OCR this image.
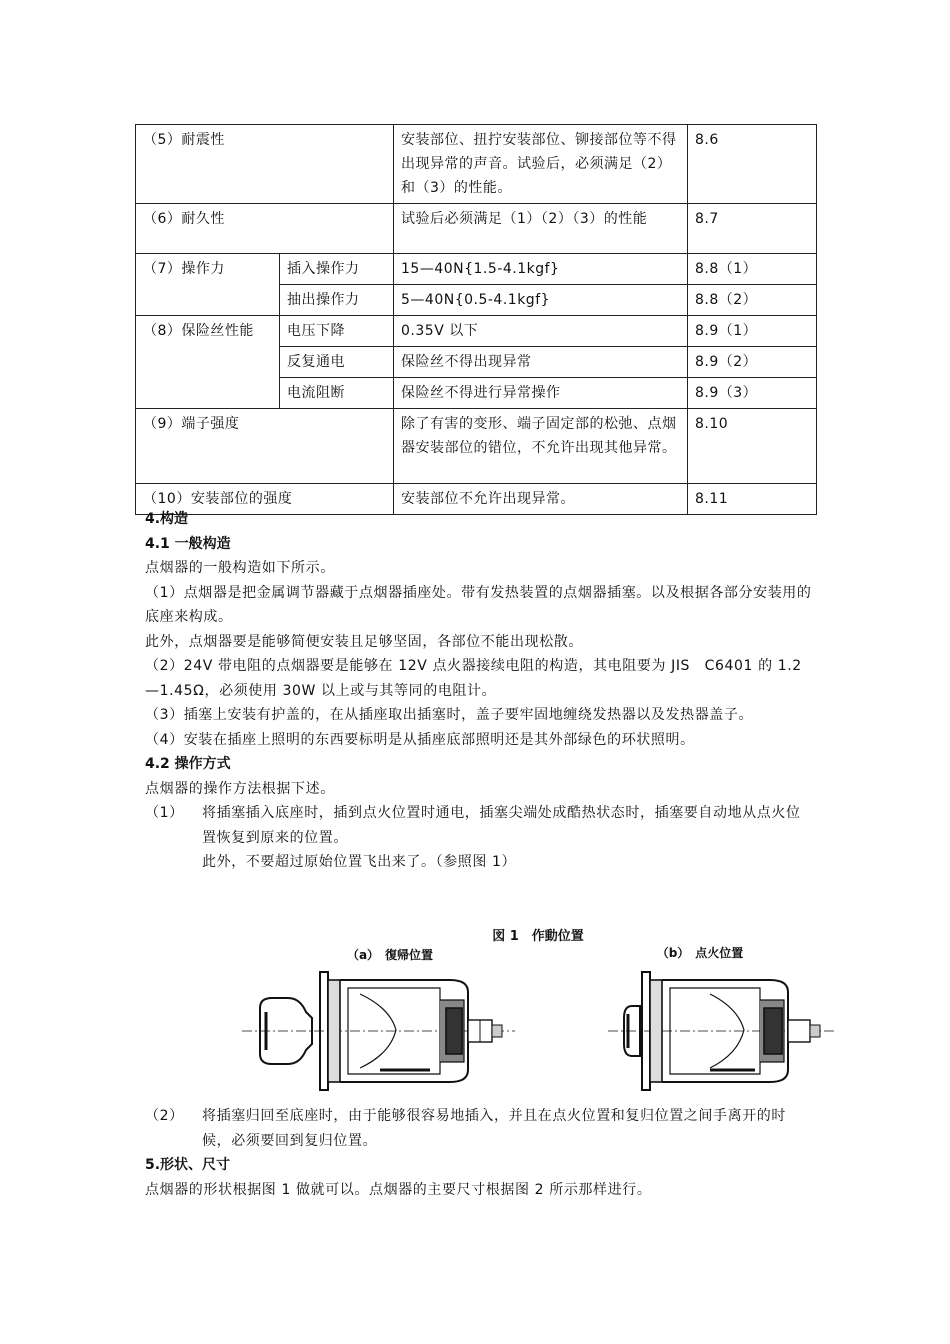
（5）耐震性		安装部位、扭拧安装部位、铆接部位等不得出现异常的声音。试验后，必须满足（2）和（3）的性能。	8.6
（6）耐久性		试验后必须满足（1）（2）（3）的性能	8.7
（7）操作力	插入操作力	15—40N{1.5-4.1kgf}	8.8（1）
	抽出操作力	5—40N{0.5-4.1kgf}	8.8（2）
（8）保险丝性能	电压下降	0.35V 以下	8.9（1）
	反复通电	保险丝不得出现异常	8.9（2）
	电流阻断	保险丝不得进行异常操作	8.9（3）
（9）端子强度		除了有害的变形、端子固定部的松弛、点烟器安装部位的错位，不允许出现其他异常。	8.10
（10）安装部位的强度		安装部位不允许出现异常。	8.11

4.构造

4.1 一般构造

点烟器的一般构造如下所示。

（1）点烟器是把金属调节器藏于点烟器插座处。带有发热装置的点烟器插塞。以及根据各部分安装用的底座来构成。

此外，点烟器要是能够简便安装且足够坚固，各部位不能出现松散。

（2）24V 带电阻的点烟器要是能够在 12V 点火器接续电阻的构造，其电阻要为 JIS　C6401 的 1.2—1.45Ω，必须使用 30W 以上或与其等同的电阻计。

（3）插塞上安装有护盖的，在从插座取出插塞时，盖子要牢固地缠绕发热器以及发热器盖子。

（4）安装在插座上照明的东西要标明是从插座底部照明还是其外部绿色的环状照明。

4.2 操作方式

点烟器的操作方法根据下述。

（1）	将插塞插入底座时，插到点火位置时通电，插塞尖端处成酷热状态时，插塞要自动地从点火位置恢复到原来的位置。

此外，不要超过原始位置飞出来了。（参照图 1）

図 1　作動位置
（a）　復帰位置	（b）　点火位置
（2）	将插塞归回至底座时，由于能够很容易地插入，并且在点火位置和复归位置之间手离开的时候，必须要回到复归位置。

5.形状、尺寸

点烟器的形状根据图 1 做就可以。点烟器的主要尺寸根据图 2 所示那样进行。
